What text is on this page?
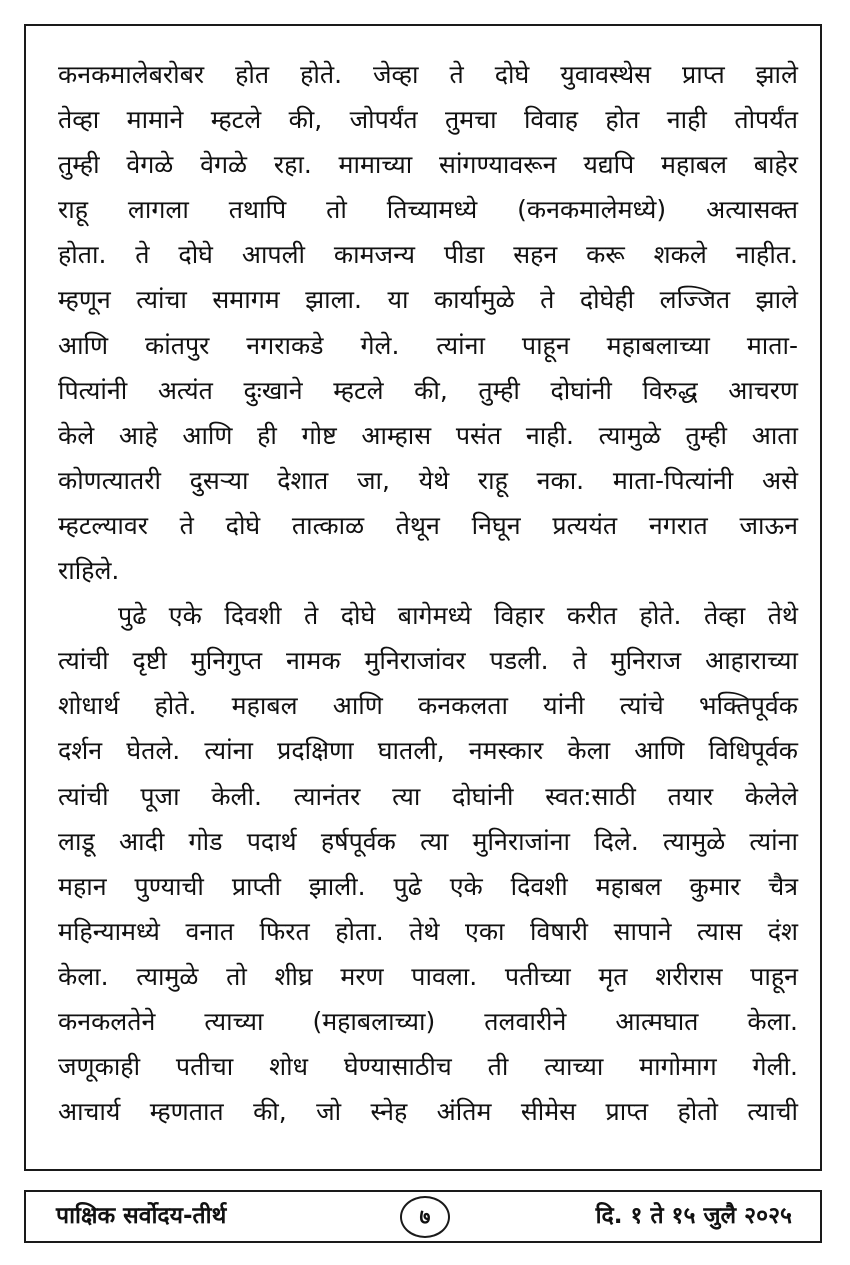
कनकमालेबरोबर होत होते. जेव्हा ते दोघे युवावस्थेस प्राप्त झाले
तेव्हा मामाने म्हटले की, जोपर्यंत तुमचा विवाह होत नाही तोपर्यंत
तुम्ही वेगळे वेगळे रहा. मामाच्या सांगण्यावरून यद्यपि महाबल बाहेर
राहू लागला तथापि तो तिच्यामध्ये (कनकमालेमध्ये) अत्यासक्त
होता. ते दोघे आपली कामजन्य पीडा सहन करू शकले नाहीत.
म्हणून त्यांचा समागम झाला. या कार्यामुळे ते दोघेही लज्जित झाले
आणि कांतपुर नगराकडे गेले. त्यांना पाहून महाबलाच्या माता-
पित्यांनी अत्यंत दुःखाने म्हटले की, तुम्ही दोघांनी विरुद्ध आचरण
केले आहे आणि ही गोष्ट आम्हास पसंत नाही. त्यामुळे तुम्ही आता
कोणत्यातरी दुसऱ्या देशात जा, येथे राहू नका. माता-पित्यांनी असे
म्हटल्यावर ते दोघे तात्काळ तेथून निघून प्रत्ययंत नगरात जाऊन
राहिले.
पुढे एके दिवशी ते दोघे बागेमध्ये विहार करीत होते. तेव्हा तेथे
त्यांची दृष्टी मुनिगुप्त नामक मुनिराजांवर पडली. ते मुनिराज आहाराच्या
शोधार्थ होते. महाबल आणि कनकलता यांनी त्यांचे भक्तिपूर्वक
दर्शन घेतले. त्यांना प्रदक्षिणा घातली, नमस्कार केला आणि विधिपूर्वक
त्यांची पूजा केली. त्यानंतर त्या दोघांनी स्वत:साठी तयार केलेले
लाडू आदी गोड पदार्थ हर्षपूर्वक त्या मुनिराजांना दिले. त्यामुळे त्यांना
महान पुण्याची प्राप्ती झाली. पुढे एके दिवशी महाबल कुमार चैत्र
महिन्यामध्ये वनात फिरत होता. तेथे एका विषारी सापाने त्यास दंश
केला. त्यामुळे तो शीघ्र मरण पावला. पतीच्या मृत शरीरास पाहून
कनकलतेने त्याच्या (महाबलाच्या) तलवारीने आत्मघात केला.
जणूकाही पतीचा शोध घेण्यासाठीच ती त्याच्या मागोमाग गेली.
आचार्य म्हणतात की, जो स्नेह अंतिम सीमेस प्राप्त होतो त्याची
पाक्षिक सर्वोदय-तीर्थ	७	दि. १ ते १५ जुलै २०२५
